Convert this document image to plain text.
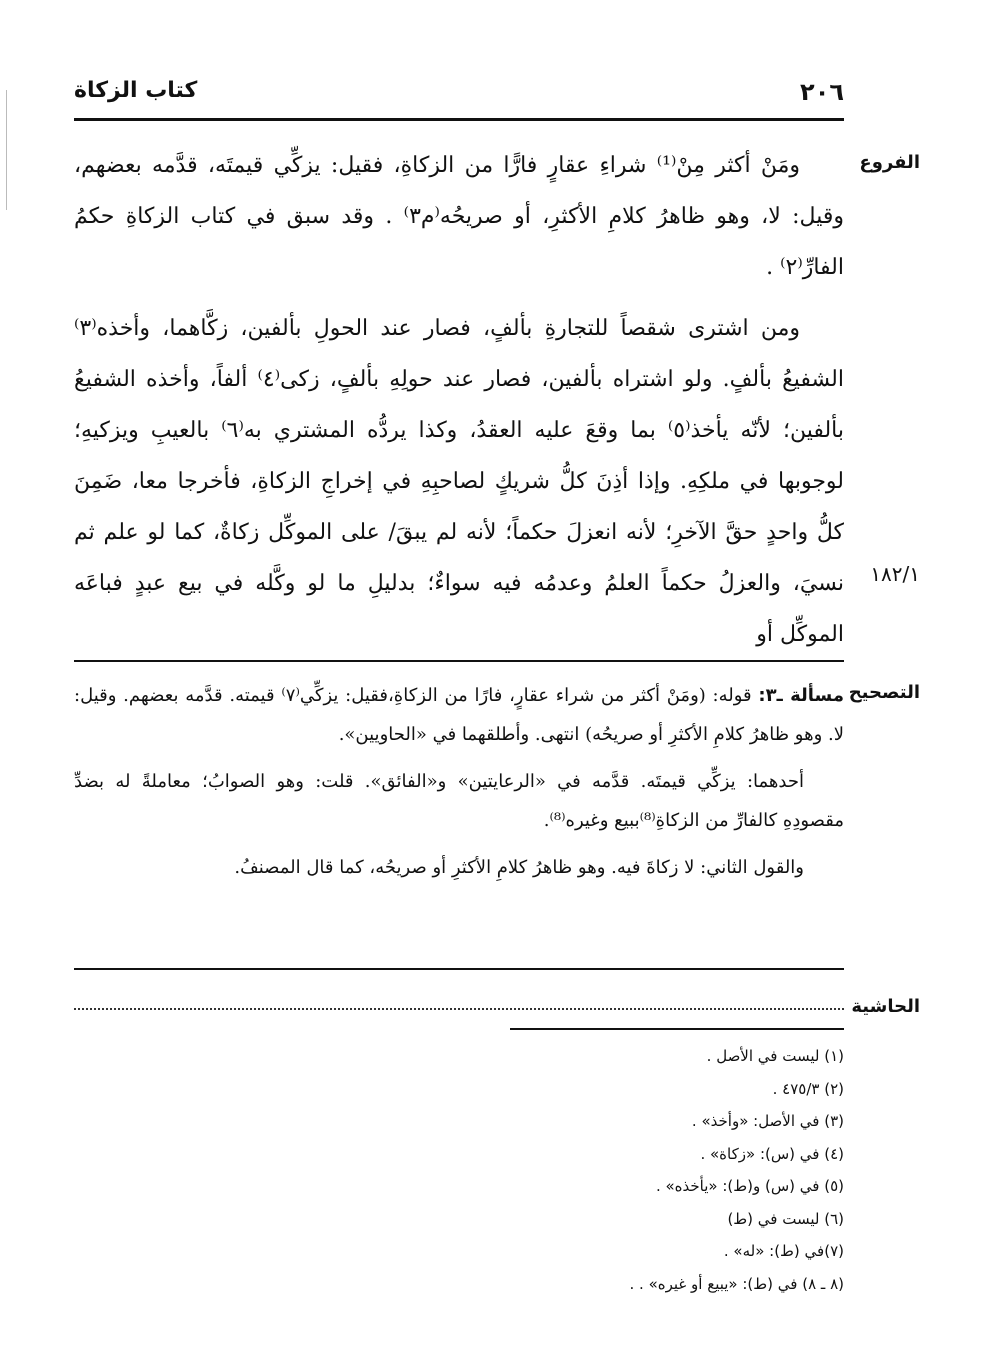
٢٠٦
كتاب الزكاة
الفروع
١٨٢/١

ومَنْ أكثر مِنْ⁽¹⁾ شراءِ عقارٍ فارًّا من الزكاةِ، فقيل: يزكِّي قيمتَه، قدَّمه بعضهم، وقيل: لا، وهو ظاهرُ كلامِ الأكثرِ، أو صريحُه⁽م٣⁾ . وقد سبق في كتاب الزكاةِ حكمُ الفارِّ⁽٢⁾ .

ومن اشترى شقصاً للتجارةِ بألفٍ، فصار عند الحولِ بألفين، زكَّاهما، وأخذه⁽٣⁾ الشفيعُ بألفٍ. ولو اشتراه بألفين، فصار عند حولِهِ بألفٍ، زكى⁽٤⁾ ألفاً، وأخذه الشفيعُ بألفين؛ لأنّه يأخذ⁽٥⁾ بما وقعَ عليه العقدُ، وكذا يردُّه المشتري به⁽٦⁾ بالعيبِ ويزكيهِ؛ لوجوبها في ملكِهِ. وإذا أذِنَ كلُّ شريكٍ لصاحبِهِ في إخراجِ الزكاةِ، فأخرجا معا، ضَمِنَ كلُّ واحدٍ حقَّ الآخرِ؛ لأنه انعزلَ حكماً؛ لأنه لم يبقَ/ على الموكِّل زكاةٌ، كما لو علم ثم نسيَ، والعزلُ حكماً العلمُ وعدمُه فيه سواءٌ؛ بدليلِ ما لو وكَّله في بيع عبدٍ فباعَه الموكِّل أو

التصحيح

مسألة ـ٣: قوله: (ومَنْ أكثر من شراء عقارٍ، فارًا من الزكاةِ،فقيل: يزكِّي⁽٧⁾ قيمته. قدَّمه بعضهم. وقيل: لا. وهو ظاهرُ كلامِ الأكثرِ أو صريحُه) انتهى. وأطلقهما في «الحاويين».

أحدهما: يزكِّي قيمتَه. قدَّمه في «الرعايتين» و«الفائق». قلت: وهو الصوابُ؛ معاملةً له بضدِّ مقصودِهِ كالفارِّ من الزكاةِ⁽⁸⁾ببيع وغيره⁽⁸⁾.

والقول الثاني: لا زكاةَ فيه. وهو ظاهرُ كلامِ الأكثرِ أو صريحُه، كما قال المصنفُ.

الحاشية
(١) ليست في الأصل .
(٢) ٤٧٥/٣ .
(٣) في الأصل: «وأخذ» .
(٤) في (س): «زكاة» .
(٥) في (س) و(ط): «يأخذه» .
(٦) ليست في (ط)
(٧)في (ط): «له» .
(٨ ـ ٨) في (ط): «يبيع أو غيره» . .
